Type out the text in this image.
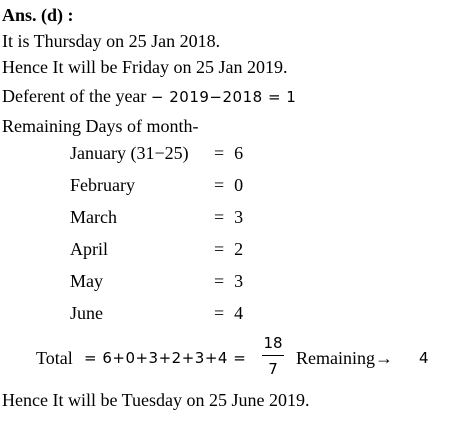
Ans. (d) :
It is Thursday on 25 Jan 2018.
Hence It will be Friday on 25 Jan 2019.
Deferent of the year − 2019−2018 = 1
Remaining Days of month-
January (31−25) = 6
February	= 0
March	= 3
April	= 2
May	= 3
June	= 4
Total = 6+0+3+2+3+4 =
18
7
Remaining→ 4
Hence It will be Tuesday on 25 June 2019.
